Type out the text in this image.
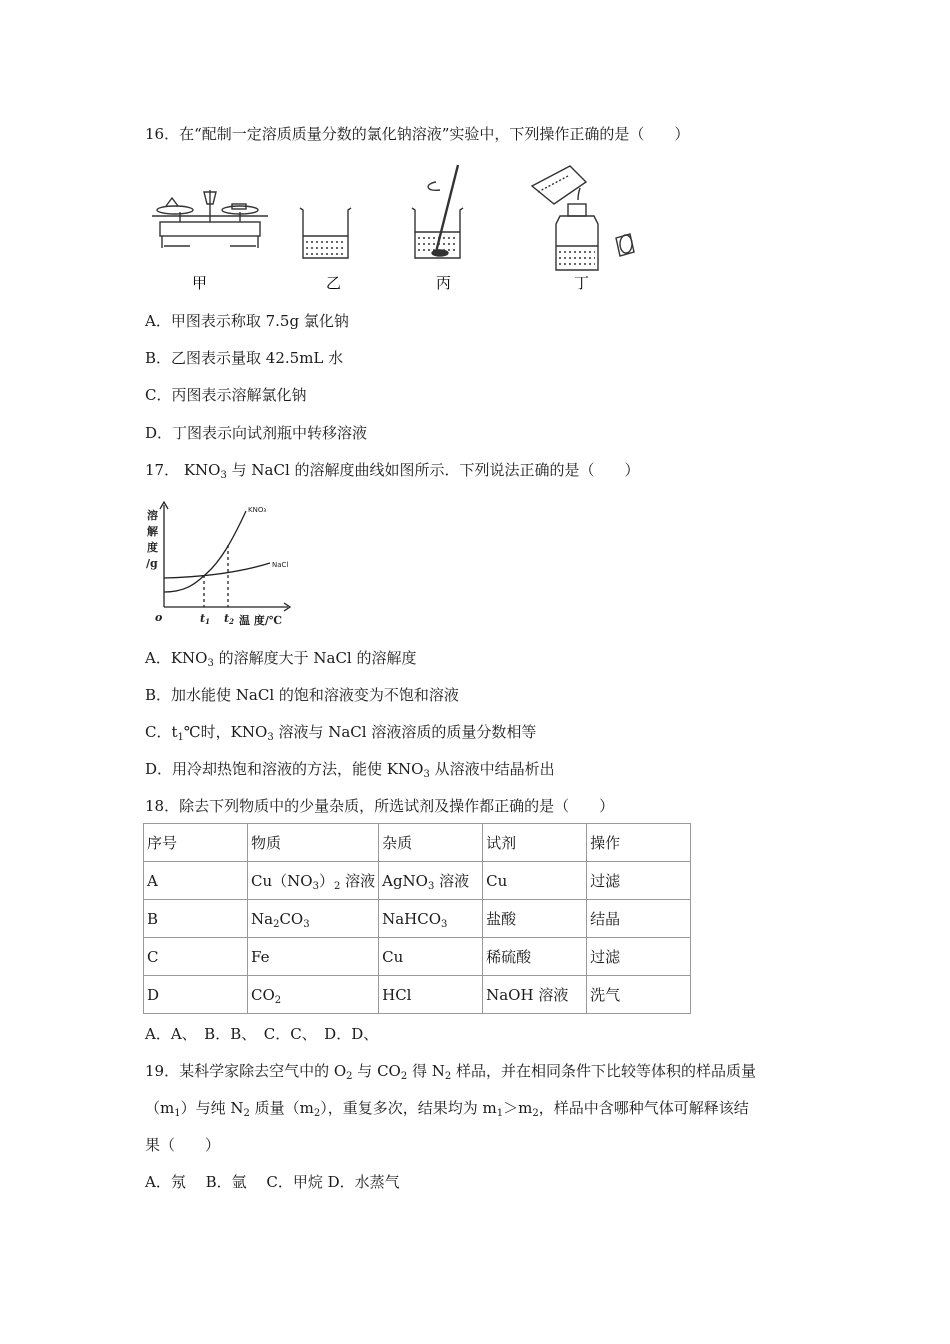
16．在“配制一定溶质质量分数的氯化钠溶液”实验中，下列操作正确的是（　　）
甲	乙	丙	丁
A．甲图表示称取 7.5g 氯化钠
B．乙图表示量取 42.5mL 水
C．丙图表示溶解氯化钠
D．丁图表示向试剂瓶中转移溶液
17． $KNO_3$ 与 NaCl 的溶解度曲线如图所示．下列说法正确的是（　　）
溶
解
度
/g
o	t1 t2 温 度/℃
KNO₃
NaCl
A．$KNO_3$ 的溶解度大于 NaCl 的溶解度
B．加水能使 NaCl 的饱和溶液变为不饱和溶液
C．$t_1℃$时，$KNO_3$ 溶液与 NaCl 溶液溶质的质量分数相等
D．用冷却热饱和溶液的方法，能使 $KNO_3$ 从溶液中结晶析出
18．除去下列物质中的少量杂质，所选试剂及操作都正确的是（　　）
序号	物质	杂质	试剂	操作
A	$Cu(NO_3)_2$ 溶液	AgNO$_3$ 溶液	Cu	过滤
B	$Na_2CO_3$	NaHCO$_3$	盐酸	结晶
C	Fe	Cu	稀硫酸	过滤
D	$CO_2$	HCl	NaOH 溶液	洗气
A．A、　B．B、　C．C、　D．D、
19．某科学家除去空气中的 $O_2$ 与 $CO_2$ 得 $N_2$ 样品，并在相同条件下比较等体积的样品质量
$(m_1)$与纯 $N_2$ 质量$(m_2)$，重复多次，结果均为 $m_1>m_2$，样品中含哪种气体可解释该结
果（　　）
A．氖　 B．氩　 C．甲烷 D．水蒸气
